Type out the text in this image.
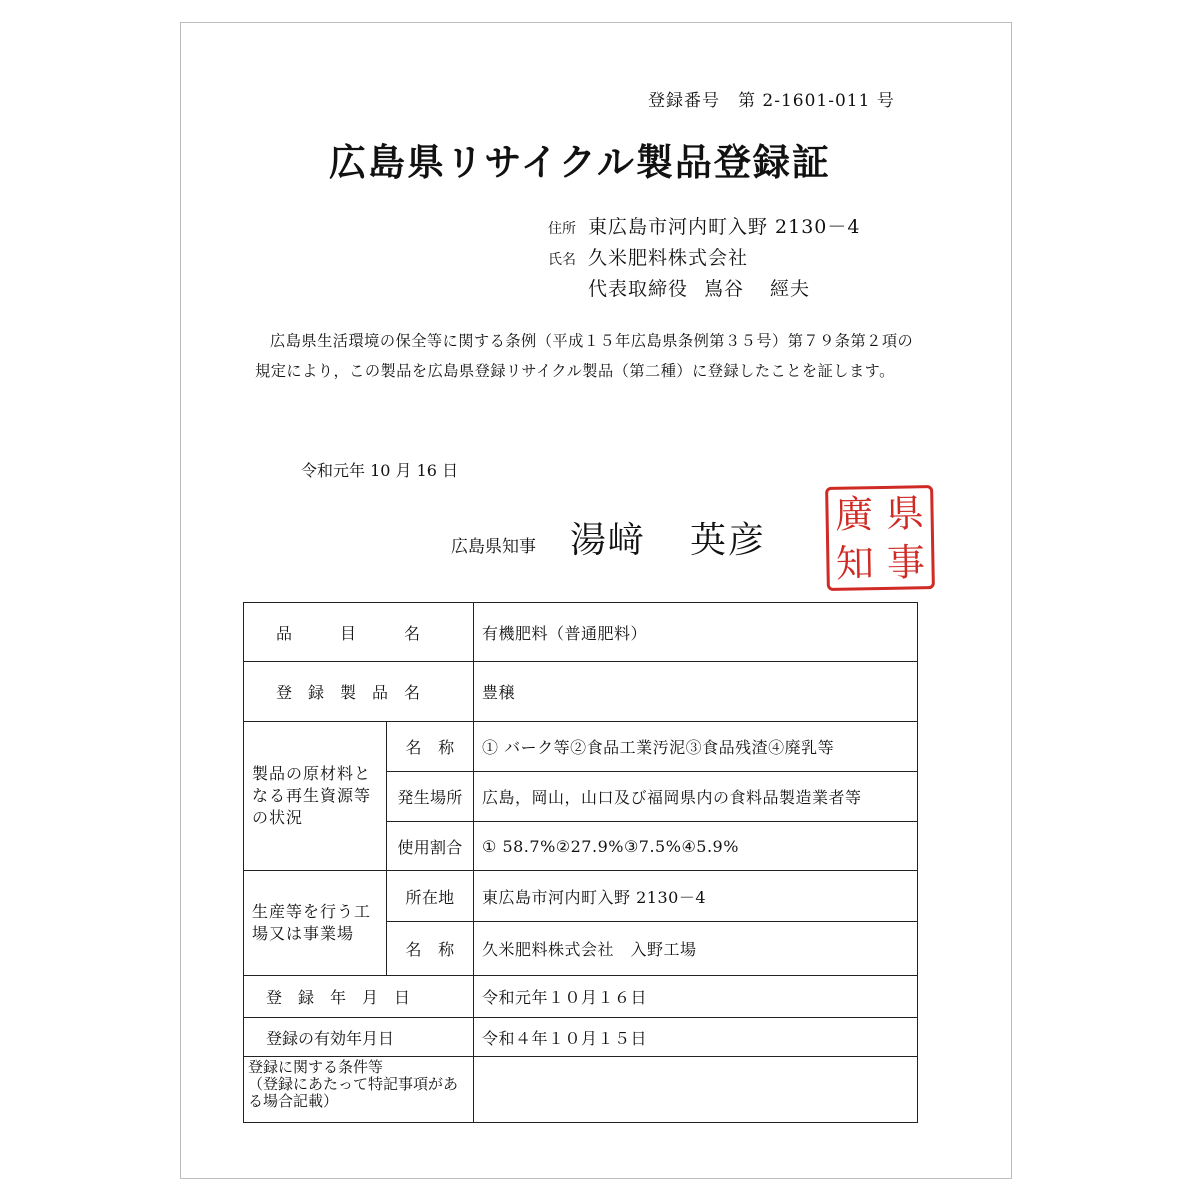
登録番号　第 2-1601-011 号
広島県リサイクル製品登録証
住所 東広島市河内町入野 2130－4
氏名 久米肥料株式会社
代表取締役 嶌谷 經夫
広島県生活環境の保全等に関する条例（平成１５年広島県条例第３５号）第７９条第２項の規定により，この製品を広島県登録リサイクル製品（第二種）に登録したことを証します。
令和元年 10 月 16 日
広島県知事 湯﨑 英彦
廣 県
知 事
品　　　目　　　名		有機肥料（普通肥料）

登　録　製　品　名		豊穣
製品の原材料となる再生資源等の状況	名　称	① バーク等②食品工業汚泥③食品残渣④廃乳等
	発生場所	広島，岡山，山口及び福岡県内の食料品製造業者等
	使用割合	① 58.7%②27.9%③7.5%④5.9%
生産等を行う工場又は事業場	所在地	東広島市河内町入野 2130－4
	名　称	久米肥料株式会社　入野工場

登　録　年　月　日		令和元年１０月１６日

登録の有効年月日		令和４年１０月１５日
登録に関する条件等
（登録にあたって特記事項がある場合記載）		
